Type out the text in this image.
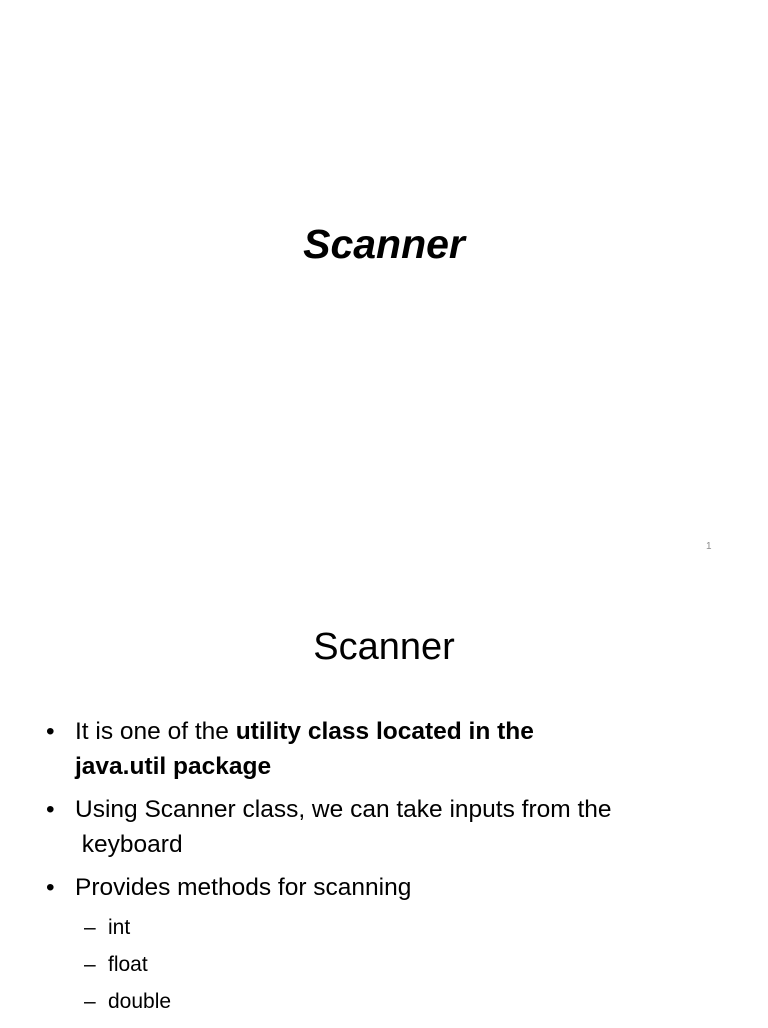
Scanner
1
Scanner
• It is one of the utility class located in the
java.util package
• Using Scanner class, we can take inputs from the
keyboard
• Provides methods for scanning
– int
– float
– double
